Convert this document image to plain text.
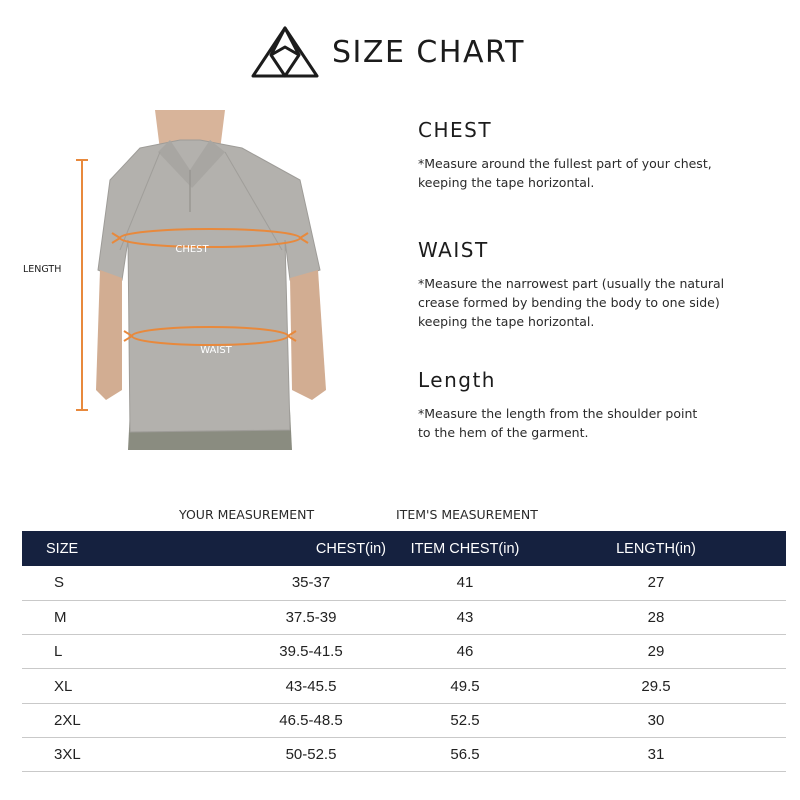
SIZE CHART
CHEST
WAIST
LENGTH
CHEST
*Measure around the fullest part of your chest,
keeping the tape horizontal.
WAIST
*Measure the narrowest part (usually the natural
crease formed by bending the body to one side)
keeping the tape horizontal.
Length
*Measure the length from the shoulder point
to the hem of the garment.
YOUR MEASUREMENT	ITEM'S MEASUREMENT
SIZE	CHEST(in)	ITEM CHEST(in)	LENGTH(in)
S	35-37	41	27
M	37.5-39	43	28
L	39.5-41.5	46	29
XL	43-45.5	49.5	29.5
2XL	46.5-48.5	52.5	30
3XL	50-52.5	56.5	31
